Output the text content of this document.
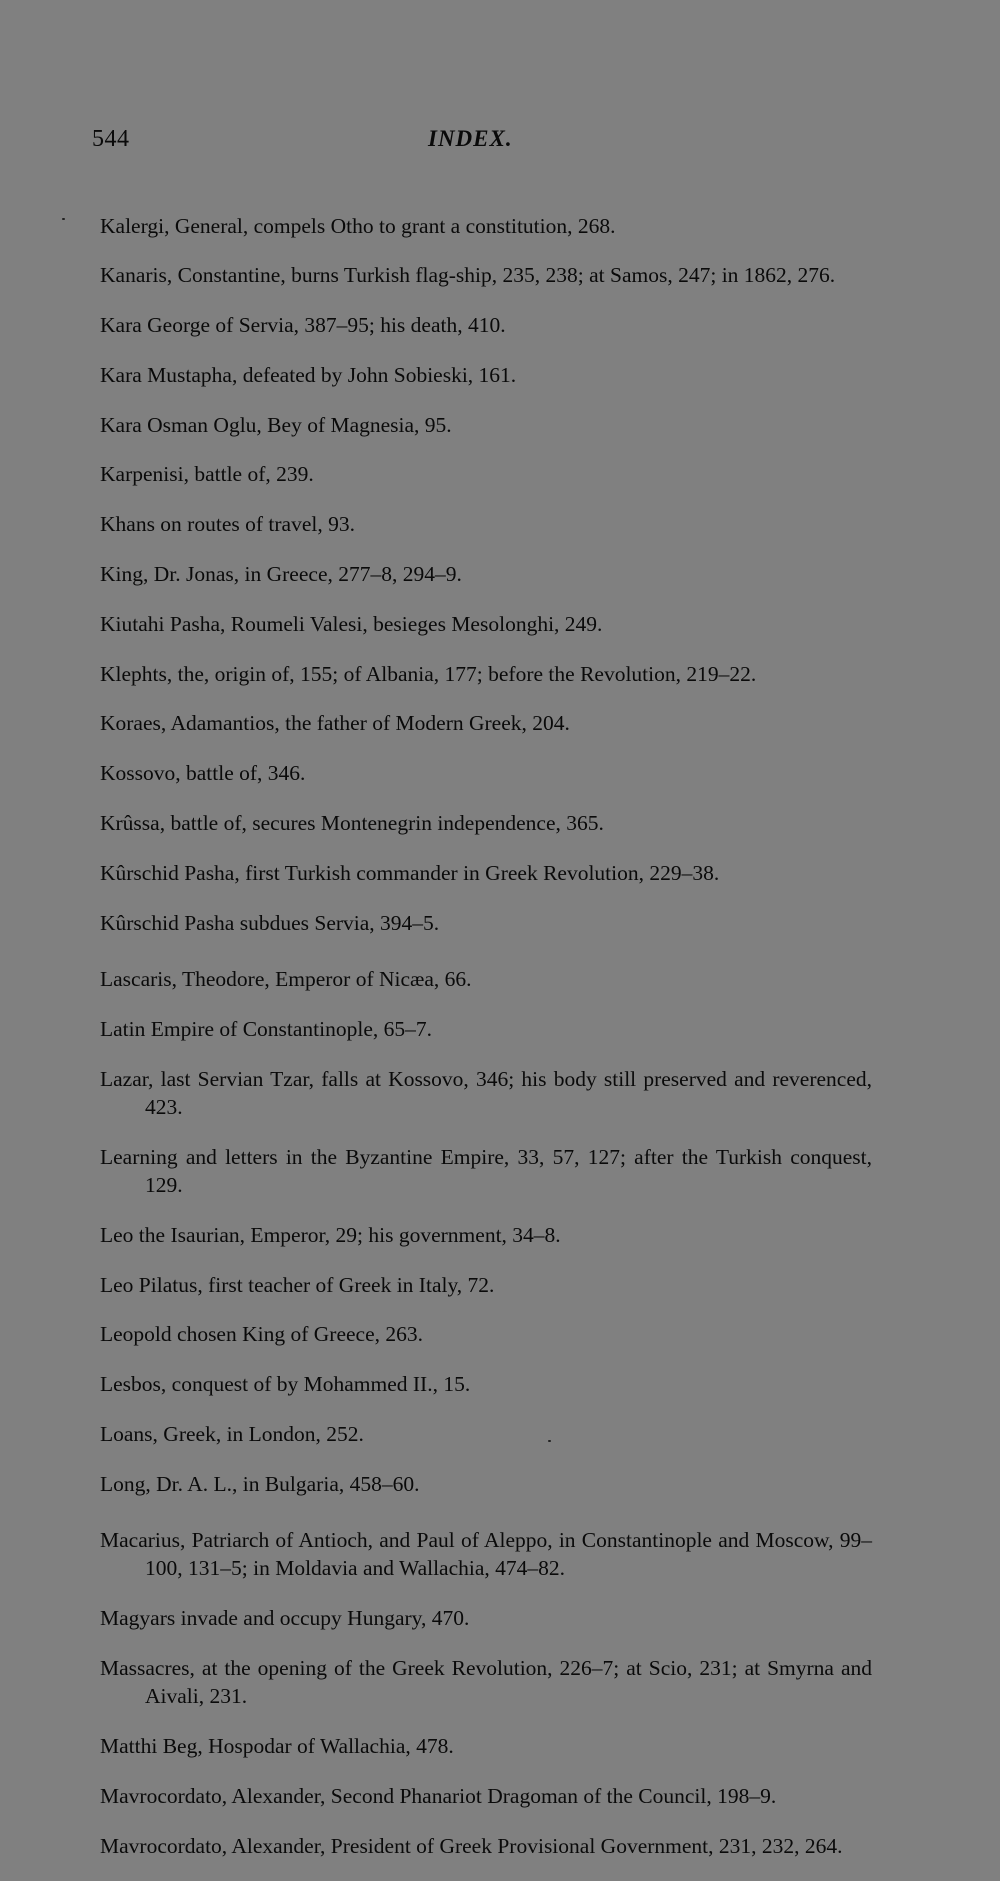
544	INDEX.

Kalergi, General, compels Otho to grant a constitution, 268.

Kanaris, Constantine, burns Turkish flag-ship, 235, 238; at Samos, 247; in 1862, 276.

Kara George of Servia, 387–95; his death, 410.

Kara Mustapha, defeated by John Sobieski, 161.

Kara Osman Oglu, Bey of Magnesia, 95.

Karpenisi, battle of, 239.

Khans on routes of travel, 93.

King, Dr. Jonas, in Greece, 277–8, 294–9.

Kiutahi Pasha, Roumeli Valesi, besieges Mesolonghi, 249.

Klephts, the, origin of, 155; of Albania, 177; before the Revolution, 219–22.

Koraes, Adamantios, the father of Modern Greek, 204.

Kossovo, battle of, 346.

Krûssa, battle of, secures Montenegrin independence, 365.

Kûrschid Pasha, first Turkish commander in Greek Revolution, 229–38.

Kûrschid Pasha subdues Servia, 394–5.

Lascaris, Theodore, Emperor of Nicæa, 66.

Latin Empire of Constantinople, 65–7.

Lazar, last Servian Tzar, falls at Kossovo, 346; his body still preserved and reverenced, 423.

Learning and letters in the Byzantine Empire, 33, 57, 127; after the Turkish conquest, 129.

Leo the Isaurian, Emperor, 29; his government, 34–8.

Leo Pilatus, first teacher of Greek in Italy, 72.

Leopold chosen King of Greece, 263.

Lesbos, conquest of by Mohammed II., 15.

Loans, Greek, in London, 252.

Long, Dr. A. L., in Bulgaria, 458–60.

Macarius, Patriarch of Antioch, and Paul of Aleppo, in Constantinople and Moscow, 99–100, 131–5; in Moldavia and Wallachia, 474–82.

Magyars invade and occupy Hungary, 470.

Massacres, at the opening of the Greek Revolution, 226–7; at Scio, 231; at Smyrna and Aivali, 231.

Matthi Beg, Hospodar of Wallachia, 478.

Mavrocordato, Alexander, Second Phanariot Dragoman of the Council, 198–9.

Mavrocordato, Alexander, President of Greek Provisional Government, 231, 232, 264.
